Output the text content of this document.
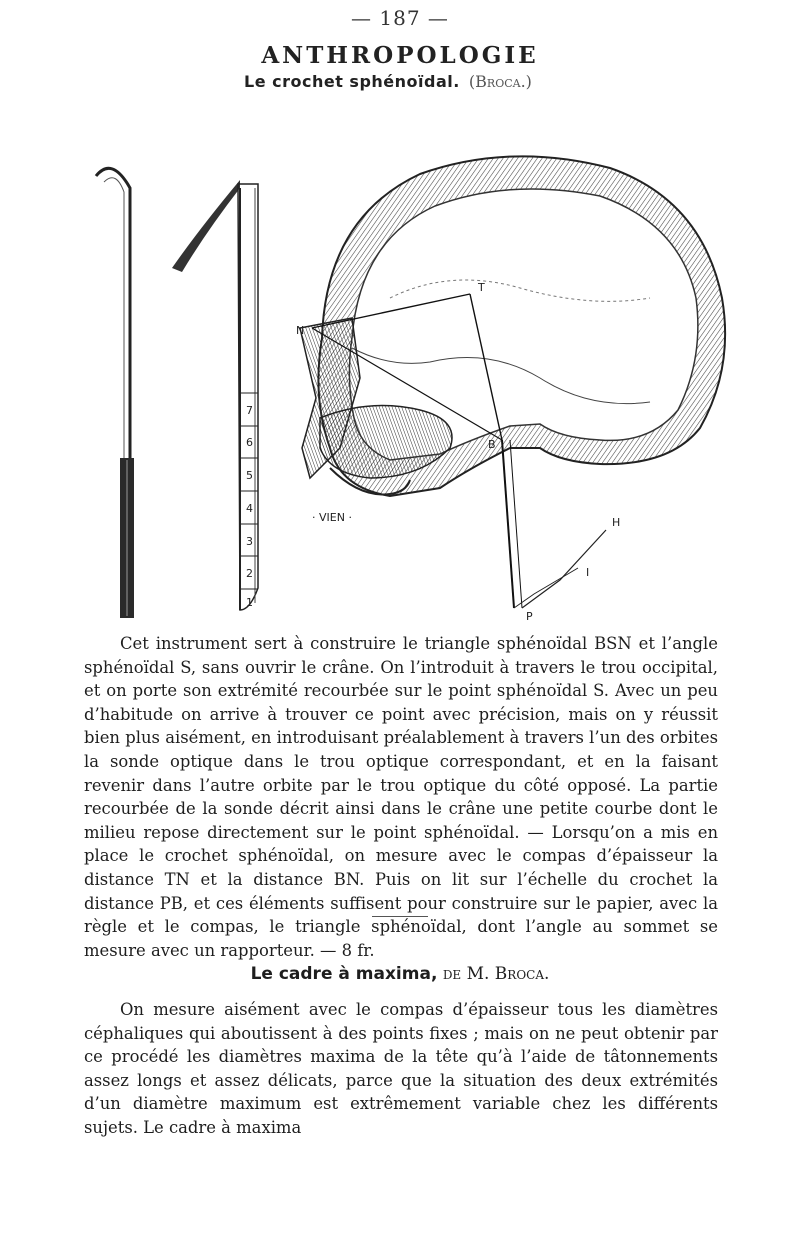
— 187 —
ANTHROPOLOGIE
Le crochet sphénoïdal. (Broca.)
7
6
5
4
3
2
1
N
T
B
H
I
P
· VIEN ·

Cet instrument sert à construire le triangle sphénoïdal BSN et l’angle sphénoïdal S, sans ouvrir le crâne. On l’introduit à travers le trou occipital, et on porte son extrémité recourbée sur le point sphénoïdal S. Avec un peu d’habitude on arrive à trouver ce point avec précision, mais on y réussit bien plus aisément, en introduisant préalablement à travers l’un des orbites la sonde optique dans le trou optique correspondant, et en la faisant revenir dans l’autre orbite par le trou optique du côté opposé. La partie recourbée de la sonde décrit ainsi dans le crâne une petite courbe dont le milieu repose directement sur le point sphénoïdal. — Lorsqu’on a mis en place le crochet sphénoïdal, on mesure avec le compas d’épaisseur la distance TN et la distance BN. Puis on lit sur l’échelle du crochet la distance PB, et ces éléments suffisent pour construire sur le papier, avec la règle et le compas, le triangle sphénoïdal, dont l’angle au sommet se mesure avec un rapporteur. — 8 fr.

Le cadre à maxima, de M. Broca.

On mesure aisément avec le compas d’épaisseur tous les diamètres céphaliques qui aboutissent à des points fixes ; mais on ne peut obtenir par ce procédé les diamètres maxima de la tête qu’à l’aide de tâtonnements assez longs et assez délicats, parce que la situation des deux extrémités d’un diamètre maximum est extrêmement variable chez les différents sujets. Le cadre à maxima
